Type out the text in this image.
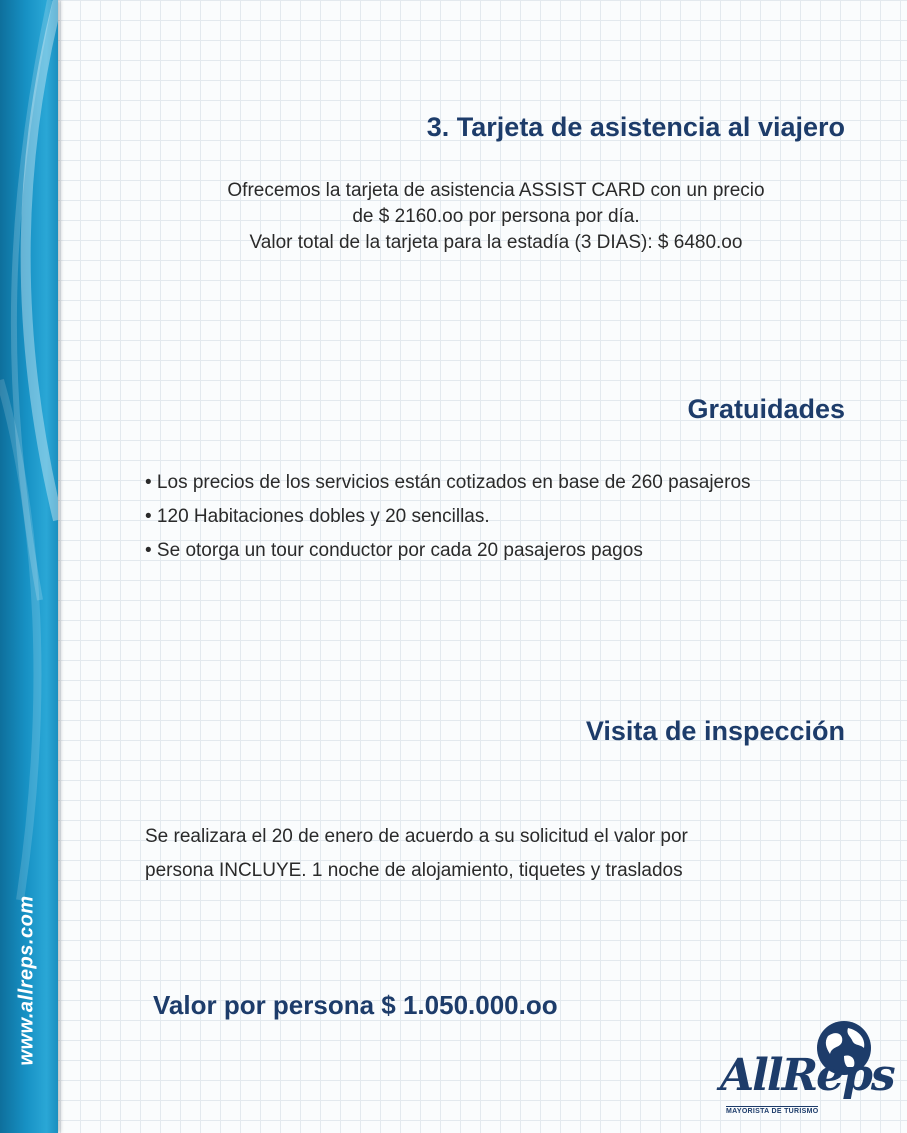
www.allreps.com
3. Tarjeta de asistencia al viajero
Ofrecemos la tarjeta de asistencia ASSIST CARD con un precio
de $ 2160.oo por persona por día.
Valor total de la tarjeta para la estadía (3 DIAS): $ 6480.oo
Gratuidades
• Los precios de los servicios están cotizados en base de 260 pasajeros
• 120 Habitaciones dobles y 20 sencillas.
• Se otorga un tour conductor por cada 20 pasajeros pagos
Visita de inspección
Se realizara el 20 de enero de acuerdo a su solicitud el valor por
persona INCLUYE. 1 noche de alojamiento, tiquetes y traslados
Valor por persona $ 1.050.000.oo
AllReps
MAYORISTA DE TURISMO
